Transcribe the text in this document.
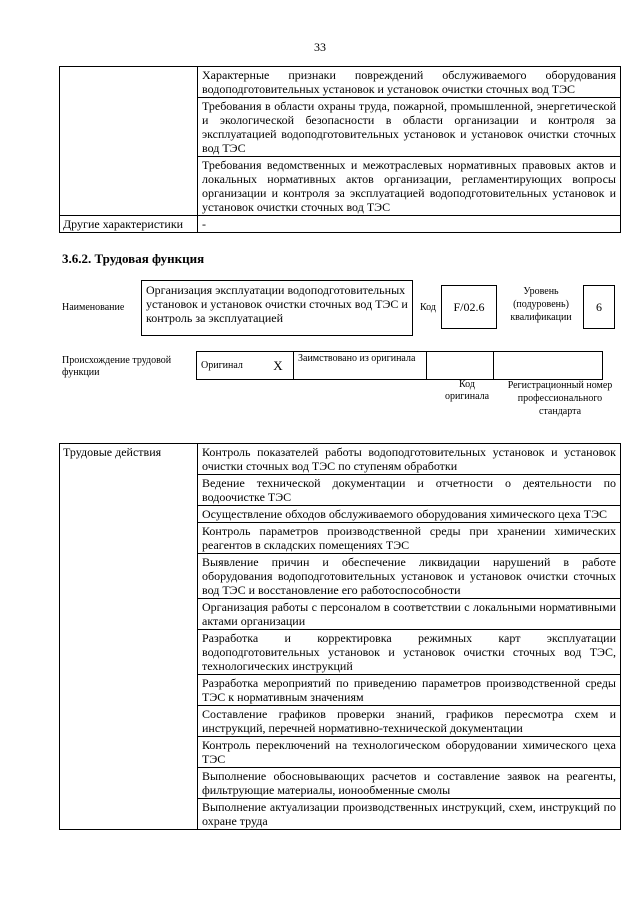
33
	Характерные признаки повреждений обслуживаемого оборудования водоподготовительных установок и установок очистки сточных вод ТЭС
	Требования в области охраны труда, пожарной, промышленной, энергетической и экологической безопасности в области организации и контроля за эксплуатацией водоподготовительных установок и установок очистки сточных вод ТЭС
	Требования ведомственных и межотраслевых нормативных правовых актов и локальных нормативных актов организации, регламентирующих вопросы организации и контроля за эксплуатацией водоподготовительных установок и установок очистки сточных вод ТЭС
Другие характеристики	-
3.6.2. Трудовая функция
Наименование
Организация эксплуатации водоподготовительных установок и установок очистки сточных вод ТЭС и контроль за эксплуатацией
Код	F/02.6
Уровень (подуровень) квалификации
6
Происхождение трудовой функции
Оригинал	X	Заимствовано из оригинала		
Код оригинала
Регистрационный номер профессионального стандарта
Трудовые действия	Контроль показателей работы водоподготовительных установок и установок очистки сточных вод ТЭС по ступеням обработки
Ведение технической документации и отчетности о деятельности по водоочистке ТЭС
Осуществление обходов обслуживаемого оборудования химического цеха ТЭС
Контроль параметров производственной среды при хранении химических реагентов в складских помещениях ТЭС
Выявление причин и обеспечение ликвидации нарушений в работе оборудования водоподготовительных установок и установок очистки сточных вод ТЭС и восстановление его работоспособности
Организация работы с персоналом в соответствии с локальными нормативными актами организации
Разработка и корректировка режимных карт эксплуатации водоподготовительных установок и установок очистки сточных вод ТЭС, технологических инструкций
Разработка мероприятий по приведению параметров производственной среды ТЭС к нормативным значениям
Составление графиков проверки знаний, графиков пересмотра схем и инструкций, перечней нормативно-технической документации
Контроль переключений на технологическом оборудовании химического цеха ТЭС
Выполнение обосновывающих расчетов и составление заявок на реагенты, фильтрующие материалы, ионообменные смолы
Выполнение актуализации производственных инструкций, схем, инструкций по охране труда
